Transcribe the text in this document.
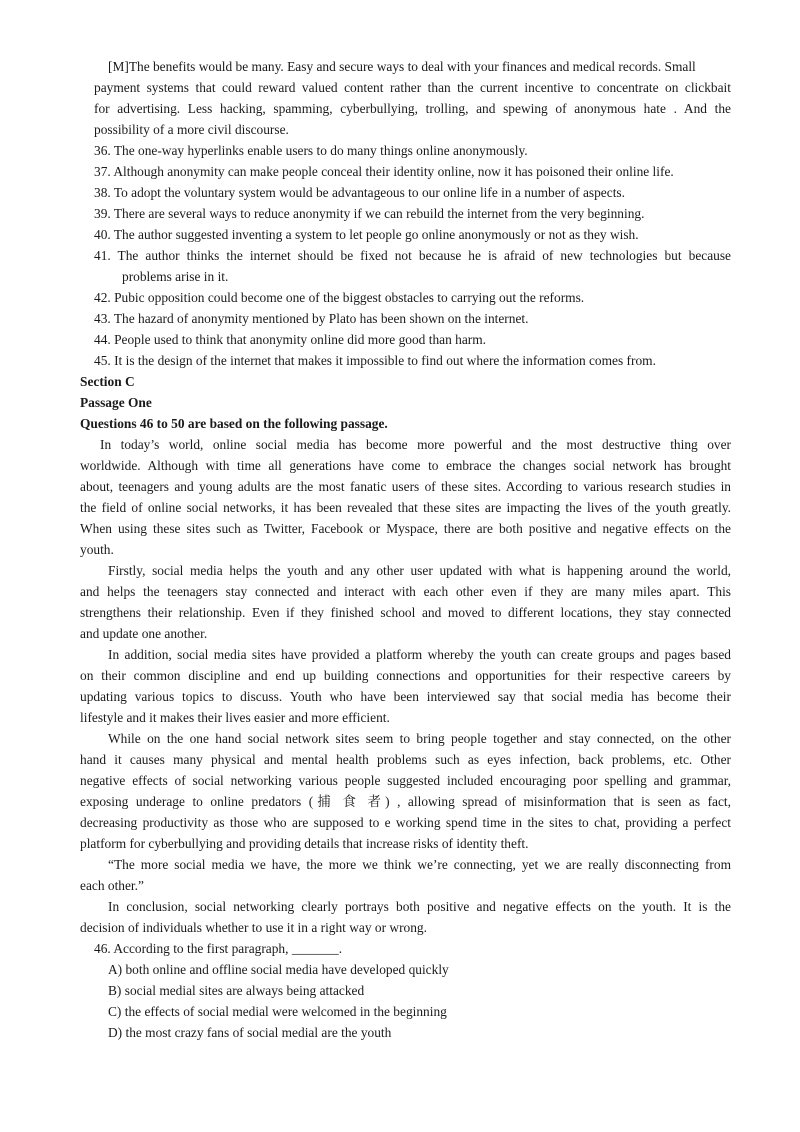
[M]The benefits would be many. Easy and secure ways to deal with your finances and medical records. Small
payment systems that could reward valued content rather than the current incentive to concentrate on clickbait
for advertising. Less hacking, spamming, cyberbullying, trolling, and spewing of anonymous hate . And the
possibility of a more civil discourse.
36. The one-way hyperlinks enable users to do many things online anonymously.
37. Although anonymity can make people conceal their identity online, now it has poisoned their online life.
38. To adopt the voluntary system would be advantageous to our online life in a number of aspects.
39. There are several ways to reduce anonymity if we can rebuild the internet from the very beginning.
40. The author suggested inventing a system to let people go online anonymously or not as they wish.
41. The author thinks the internet should be fixed not because he is afraid of new technologies but because
problems arise in it.
42. Pubic opposition could become one of the biggest obstacles to carrying out the reforms.
43. The hazard of anonymity mentioned by Plato has been shown on the internet.
44. People used to think that anonymity online did more good than harm.
45. It is the design of the internet that makes it impossible to find out where the information comes from.
Section C
Passage One
Questions 46 to 50 are based on the following passage.
In today’s world, online social media has become more powerful and the most destructive thing over
worldwide. Although with time all generations have come to embrace the changes social network has brought
about, teenagers and young adults are the most fanatic users of these sites. According to various research studies in
the field of online social networks, it has been revealed that these sites are impacting the lives of the youth greatly.
When using these sites such as Twitter, Facebook or Myspace, there are both positive and negative effects on the
youth.
Firstly, social media helps the youth and any other user updated with what is happening around the world,
and helps the teenagers stay connected and interact with each other even if they are many miles apart. This
strengthens their relationship. Even if they finished school and moved to different locations, they stay connected
and update one another.
In addition, social media sites have provided a platform whereby the youth can create groups and pages based
on their common discipline and end up building connections and opportunities for their respective careers by
updating various topics to discuss. Youth who have been interviewed say that social media has become their
lifestyle and it makes their lives easier and more efficient.
While on the one hand social network sites seem to bring people together and stay connected, on the other
hand it causes many physical and mental health problems such as eyes infection, back problems, etc. Other
negative effects of social networking various people suggested included encouraging poor spelling and grammar,
exposing underage to online predators (捕 食 者) , allowing spread of misinformation that is seen as fact,
decreasing productivity as those who are supposed to e working spend time in the sites to chat, providing a perfect
platform for cyberbullying and providing details that increase risks of identity theft.
“The more social media we have, the more we think we’re connecting, yet we are really disconnecting from
each other.”
In conclusion, social networking clearly portrays both positive and negative effects on the youth. It is the
decision of individuals whether to use it in a right way or wrong.
46. According to the first paragraph, _______.
A) both online and offline social media have developed quickly
B) social medial sites are always being attacked
C) the effects of social medial were welcomed in the beginning
D) the most crazy fans of social medial are the youth
